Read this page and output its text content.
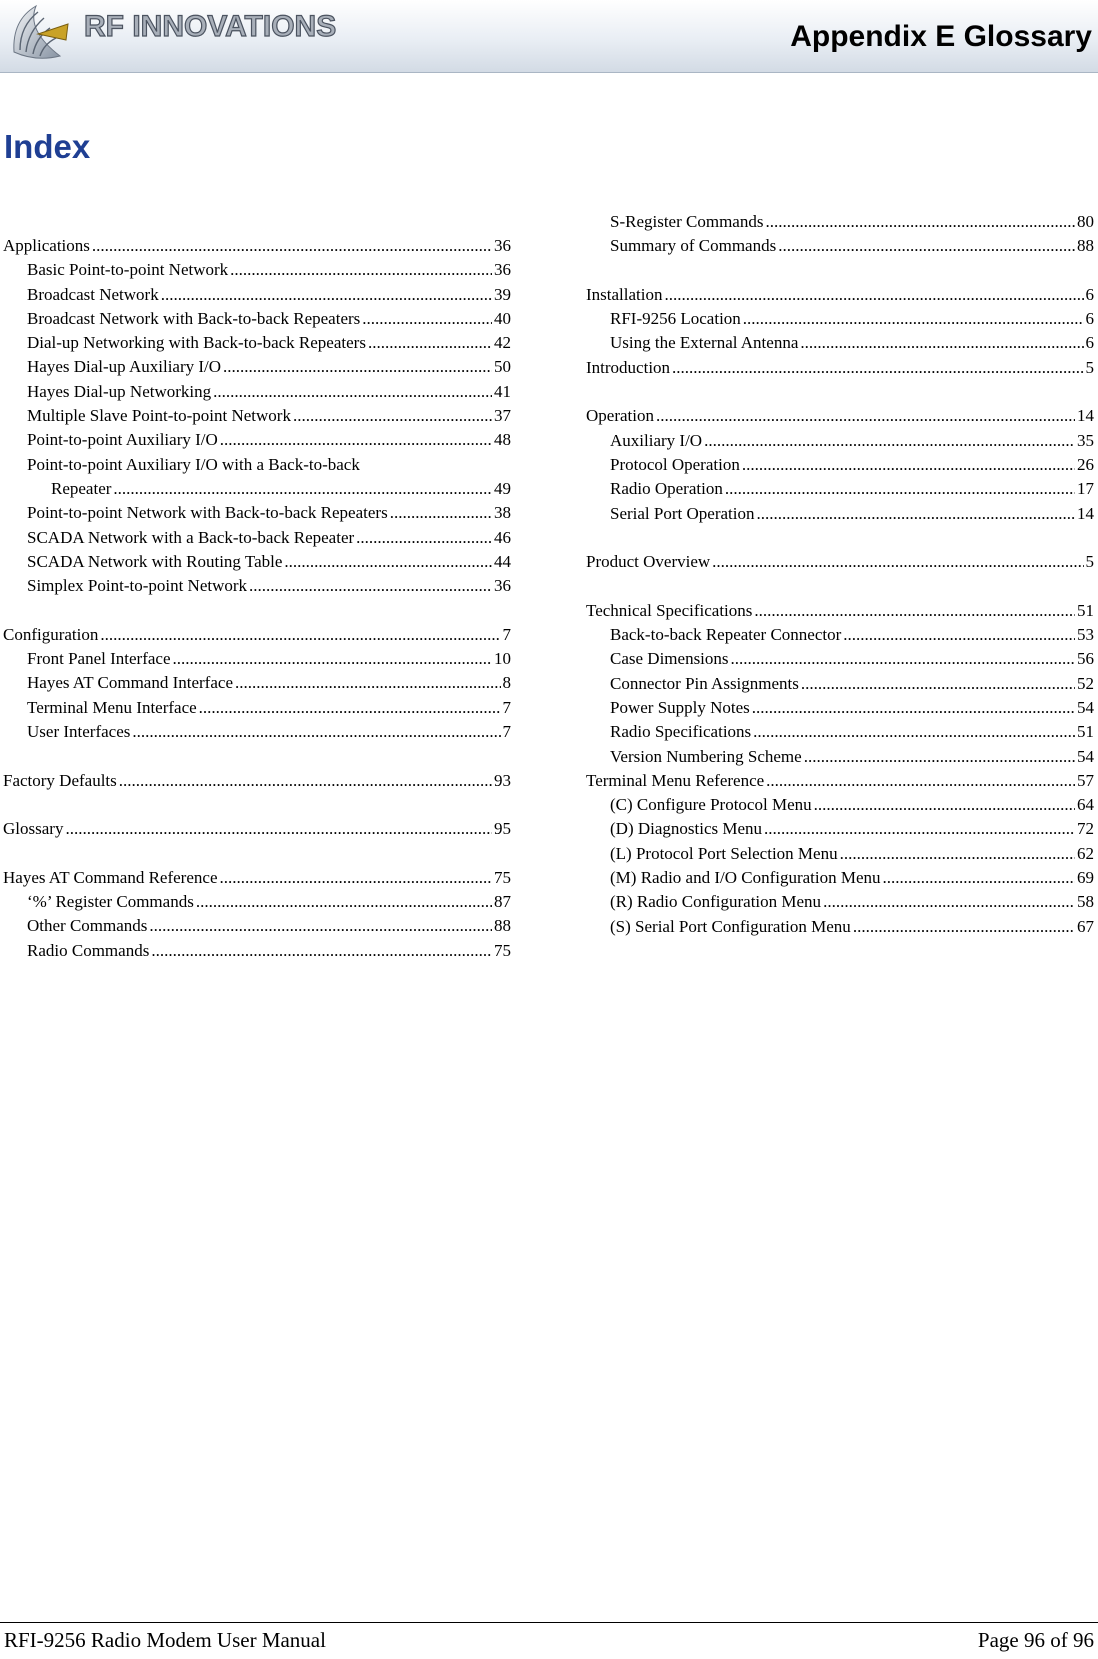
RF INNOVATIONS	Appendix E Glossary
Index
Applications .....	36
Basic Point-to-point Network .....	36
Broadcast Network .....	39
Broadcast Network with Back-to-back Repeaters .....	40
Dial-up Networking with Back-to-back Repeaters .....	42
Hayes Dial-up Auxiliary I/O .....	50
Hayes Dial-up Networking .....	41
Multiple Slave Point-to-point Network .....	37
Point-to-point Auxiliary I/O .....	48
Point-to-point Auxiliary I/O with a Back-to-back
Repeater .....	49
Point-to-point Network with Back-to-back Repeaters .....	38
SCADA Network with a Back-to-back Repeater .....	46
SCADA Network with Routing Table .....	44
Simplex Point-to-point Network .....	36
Configuration .....	7
Front Panel Interface .....	10
Hayes AT Command Interface .....	8
Terminal Menu Interface .....	7
User Interfaces .....	7
Factory Defaults .....	93
Glossary .....	95
Hayes AT Command Reference .....	75
‘%’ Register Commands .....	87
Other Commands .....	88
Radio Commands .....	75
S-Register Commands .....	80
Summary of Commands .....	88
Installation .....	6
RFI-9256 Location .....	6
Using the External Antenna .....	6
Introduction .....	5
Operation .....	14
Auxiliary I/O .....	35
Protocol Operation .....	26
Radio Operation .....	17
Serial Port Operation .....	14
Product Overview .....	5
Technical Specifications .....	51
Back-to-back Repeater Connector .....	53
Case Dimensions .....	56
Connector Pin Assignments .....	52
Power Supply Notes .....	54
Radio Specifications .....	51
Version Numbering Scheme .....	54
Terminal Menu Reference .....	57
(C) Configure Protocol Menu .....	64
(D) Diagnostics Menu .....	72
(L) Protocol Port Selection Menu .....	62
(M) Radio and I/O Configuration Menu .....	69
(R) Radio Configuration Menu .....	58
(S) Serial Port Configuration Menu .....	67
RFI-9256 Radio Modem User Manual	Page 96 of 96
